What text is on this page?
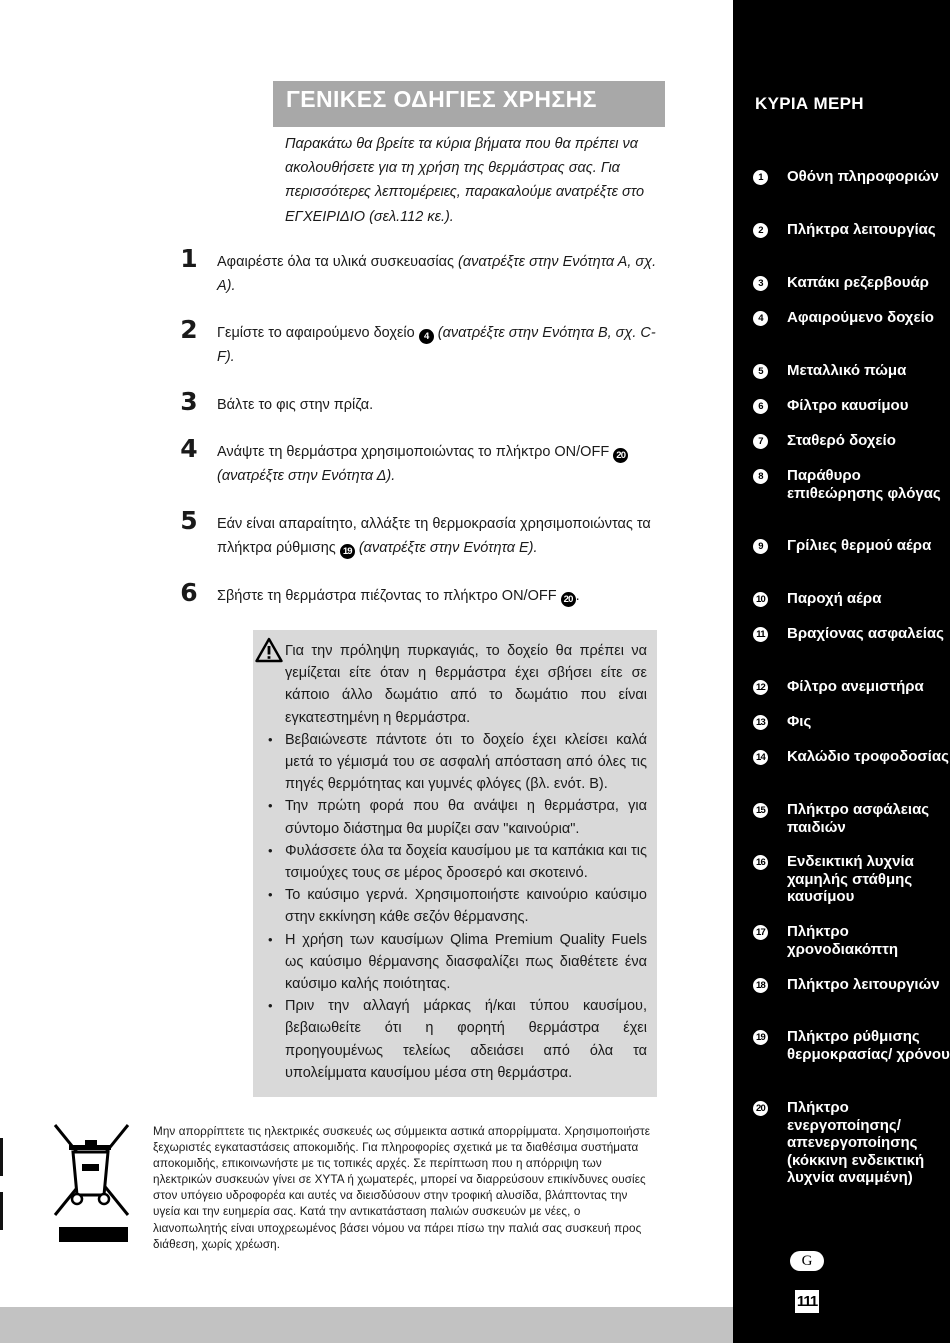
ΓΕΝΙΚΕΣ ΟΔΗΓΙΕΣ ΧΡΗΣΗΣ

Παρακάτω θα βρείτε τα κύρια βήματα που θα πρέπει να ακολουθήσετε για τη χρήση της θερμάστρας σας. Για περισσότερες λεπτομέρειες, παρακαλούμε ανατρέξτε στο ΕΓΧΕΙΡΙΔΙΟ (σελ.112 κε.).

1 Αφαιρέστε όλα τα υλικά συσκευασίας (ανατρέξτε στην Ενότητα Α, σχ. Α).
2 Γεμίστε το αφαιρούμενο δοχείο 4 (ανατρέξτε στην Ενότητα Β, σχ. C-F).
3 Βάλτε το φις στην πρίζα.
4 Ανάψτε τη θερμάστρα χρησιμοποιώντας το πλήκτρο ON/OFF 20 (ανατρέξτε στην Ενότητα Δ).
5 Εάν είναι απαραίτητο, αλλάξτε τη θερμοκρασία χρησιμοποιώντας τα πλήκτρα ρύθμισης 19 (ανατρέξτε στην Ενότητα Ε).
6 Σβήστε τη θερμάστρα πιέζοντας το πλήκτρο ON/OFF 20 .
Για την πρόληψη πυρκαγιάς, το δοχείο θα πρέπει να γεμίζεται είτε όταν η θερμάστρα έχει σβήσει είτε σε κάποιο άλλο δωμάτιο από το δωμάτιο που είναι εγκατεστημένη η θερμάστρα.
• Βεβαιώνεστε πάντοτε ότι το δοχείο έχει κλείσει καλά μετά το γέμισμά του σε ασφαλή απόσταση από όλες τις πηγές θερμότητας και γυμνές φλόγες (βλ. ενότ. Β).
• Την πρώτη φορά που θα ανάψει η θερμάστρα, για σύντομο διάστημα θα μυρίζει σαν "καινούρια".
• Φυλάσσετε όλα τα δοχεία καυσίμου με τα καπάκια και τις τσιμούχες τους σε μέρος δροσερό και σκοτεινό.
• Το καύσιμο γερνά. Χρησιμοποιήστε καινούριο καύσιμο στην εκκίνηση κάθε σεζόν θέρμανσης.
• Η χρήση των καυσίμων Qlima Premium Quality Fuels ως καύσιμο θέρμανσης διασφαλίζει πως διαθέτετε ένα καύσιμο καλής ποιότητας.
• Πριν την αλλαγή μάρκας ή/και τύπου καυσίμου, βεβαιωθείτε ότι η φορητή θερμάστρα έχει προηγουμένως τελείως αδειάσει από όλα τα υπολείμματα καυσίμου μέσα στη θερμάστρα.

Μην απορρίπτετε τις ηλεκτρικές συσκευές ως σύμμεικτα αστικά απορρίμματα. Χρησιμοποιήστε ξεχωριστές εγκαταστάσεις αποκομιδής. Για πληροφορίες σχετικά με τα διαθέσιμα συστήματα αποκομιδής, επικοινωνήστε με τις τοπικές αρχές. Σε περίπτωση που η απόρριψη των ηλεκτρικών συσκευών γίνει σε ΧΥΤΑ ή χωματερές, μπορεί να διαρρεύσουν επικίνδυνες ουσίες στον υπόγειο υδροφορέα και αυτές να διεισδύσουν στην τροφική αλυσίδα, βλάπτοντας την υγεία και την ευημερία σας. Κατά την αντικατάσταση παλιών συσκευών με νέες, ο λιανοπωλητής είναι υποχρεωμένος βάσει νόμου να πάρει πίσω την παλιά σας συσκευή προς διάθεση, χωρίς χρέωση.

ΚΥΡΙΑ ΜΕΡΗ
1	Οθόνη πληροφοριών
2	Πλήκτρα λειτουργίας
3	Καπάκι ρεζερβουάρ
4	Αφαιρούμενο δοχείο
5	Μεταλλικό πώμα
6	Φίλτρο καυσίμου
7	Σταθερό δοχείο
8	Παράθυρο επιθεώρησης φλόγας
9	Γρίλιες θερμού αέρα
10 Παροχή αέρα
11 Βραχίονας ασφαλείας
12 Φίλτρο ανεμιστήρα
13 Φις
14 Καλώδιο τροφοδοσίας
15 Πλήκτρο ασφάλειας παιδιών
16 Ενδεικτική λυχνία χαμηλής στάθμης καυσίμου
17 Πλήκτρο χρονοδιακόπτη
18 Πλήκτρο λειτουργιών
19 Πλήκτρο ρύθμισης θερμοκρασίας/ χρόνου
20 Πλήκτρο ενεργοποίησης/ απενεργοποίησης (κόκκινη ενδεικτική λυχνία αναμμένη)
G
111
